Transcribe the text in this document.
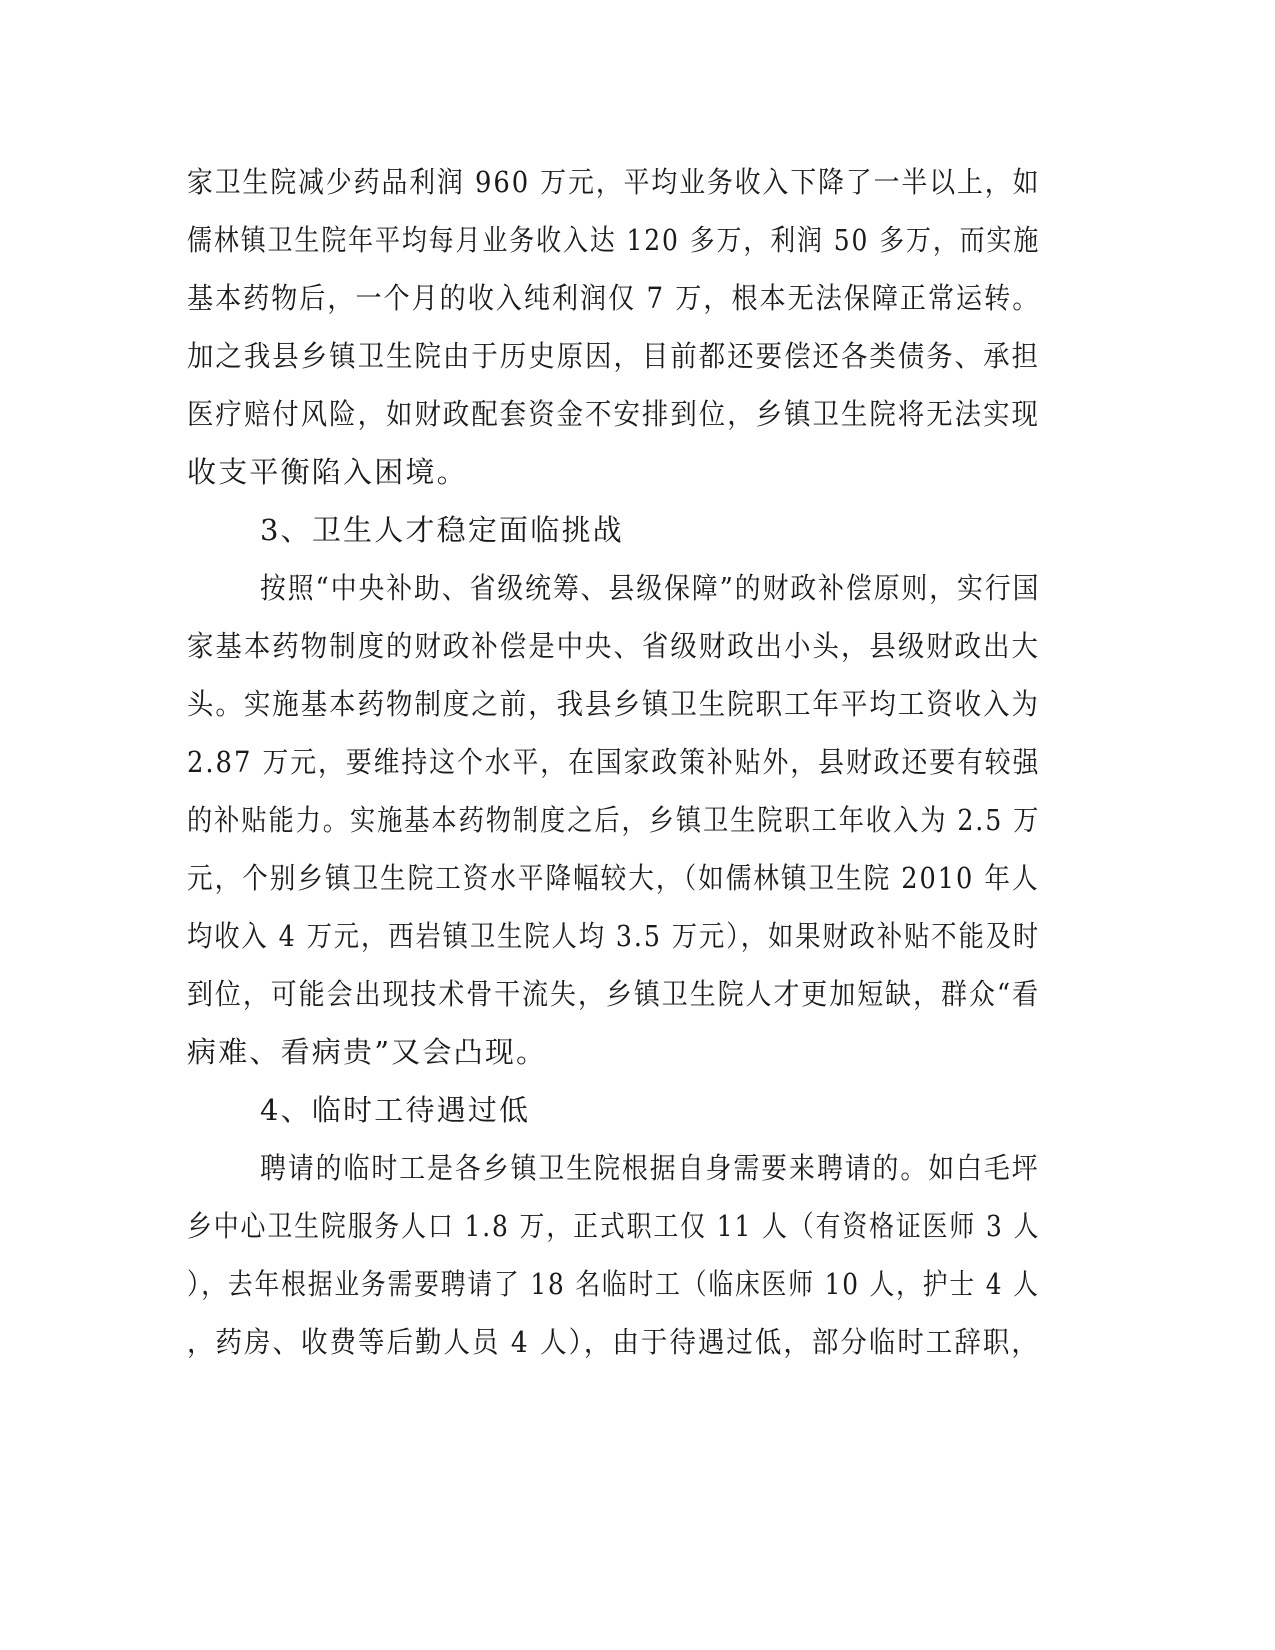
家卫生院减少药品利润 960 万元，平均业务收入下降了一半以上，如
儒林镇卫生院年平均每月业务收入达 120 多万，利润 50 多万，而实施
基本药物后，一个月的收入纯利润仅 7 万，根本无法保障正常运转。
加之我县乡镇卫生院由于历史原因，目前都还要偿还各类债务、承担
医疗赔付风险，如财政配套资金不安排到位，乡镇卫生院将无法实现
收支平衡陷入困境。
3、卫生人才稳定面临挑战
按照“中央补助、省级统筹、县级保障”的财政补偿原则，实行国
家基本药物制度的财政补偿是中央、省级财政出小头，县级财政出大
头。实施基本药物制度之前，我县乡镇卫生院职工年平均工资收入为
2.87 万元，要维持这个水平，在国家政策补贴外，县财政还要有较强
的补贴能力。实施基本药物制度之后，乡镇卫生院职工年收入为 2.5 万
元，个别乡镇卫生院工资水平降幅较大，（如儒林镇卫生院 2010 年人
均收入 4 万元，西岩镇卫生院人均 3.5 万元），如果财政补贴不能及时
到位，可能会出现技术骨干流失，乡镇卫生院人才更加短缺，群众“看
病难、看病贵”又会凸现。
4、临时工待遇过低
聘请的临时工是各乡镇卫生院根据自身需要来聘请的。如白毛坪
乡中心卫生院服务人口 1.8 万，正式职工仅 11 人（有资格证医师 3 人
），去年根据业务需要聘请了 18 名临时工（临床医师 10 人，护士 4 人
，药房、收费等后勤人员 4 人），由于待遇过低，部分临时工辞职，
